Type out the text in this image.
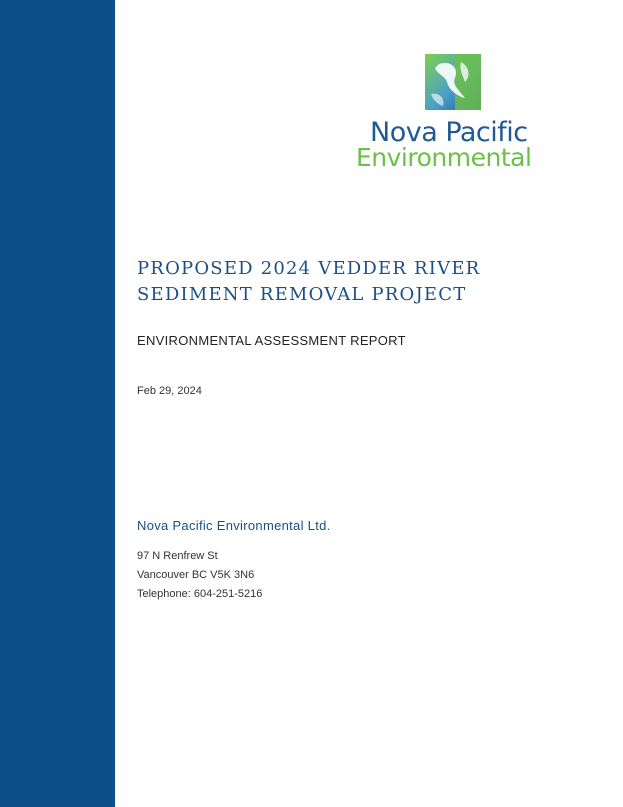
Nova Pacific
Environmental
PROPOSED 2024 VEDDER RIVER
SEDIMENT REMOVAL PROJECT
ENVIRONMENTAL ASSESSMENT REPORT
Feb 29, 2024
Nova Pacific Environmental Ltd.
97 N Renfrew St
Vancouver BC V5K 3N6
Telephone: 604-251-5216
